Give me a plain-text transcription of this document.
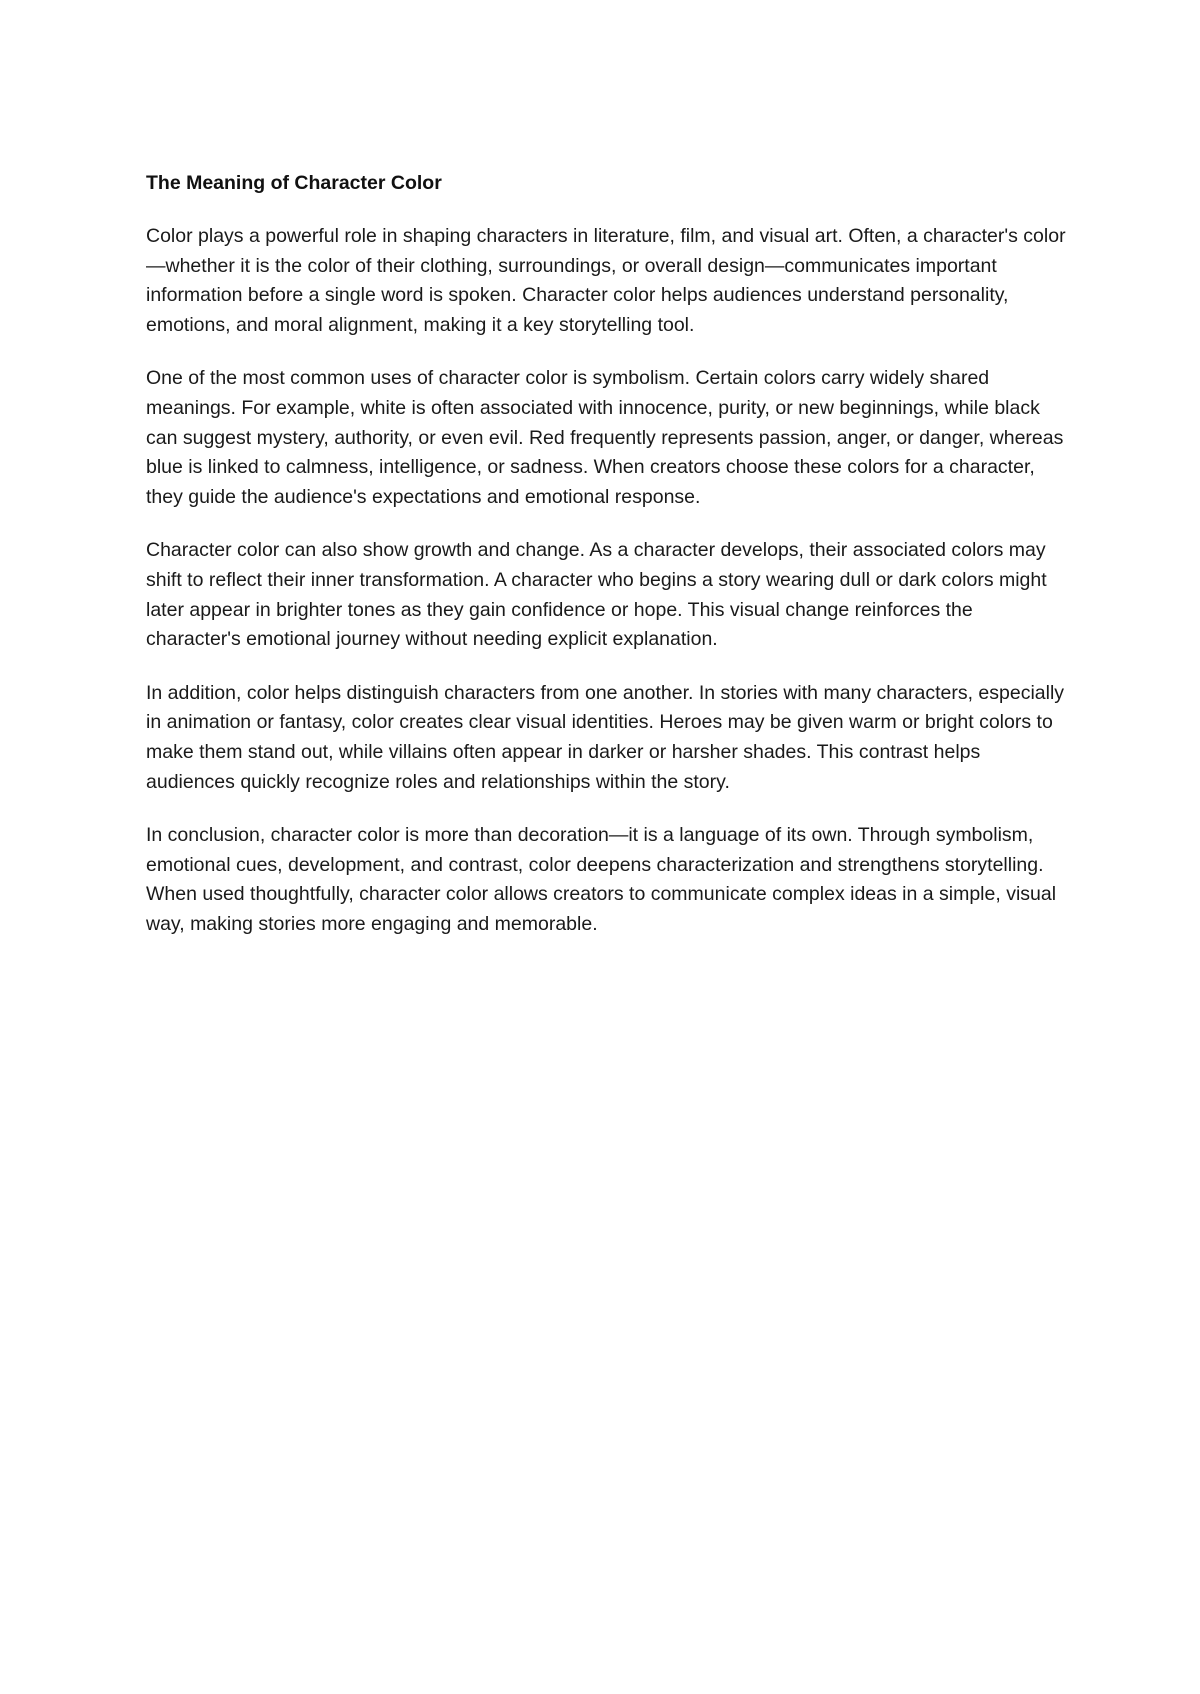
The Meaning of Character Color

Color plays a powerful role in shaping characters in literature, film, and visual art. Often, a character's color—whether it is the color of their clothing, surroundings, or overall design—communicates important information before a single word is spoken. Character color helps audiences understand personality, emotions, and moral alignment, making it a key storytelling tool.

One of the most common uses of character color is symbolism. Certain colors carry widely shared meanings. For example, white is often associated with innocence, purity, or new beginnings, while black can suggest mystery, authority, or even evil. Red frequently represents passion, anger, or danger, whereas blue is linked to calmness, intelligence, or sadness. When creators choose these colors for a character, they guide the audience's expectations and emotional response.

Character color can also show growth and change. As a character develops, their associated colors may shift to reflect their inner transformation. A character who begins a story wearing dull or dark colors might later appear in brighter tones as they gain confidence or hope. This visual change reinforces the character's emotional journey without needing explicit explanation.

In addition, color helps distinguish characters from one another. In stories with many characters, especially in animation or fantasy, color creates clear visual identities. Heroes may be given warm or bright colors to make them stand out, while villains often appear in darker or harsher shades. This contrast helps audiences quickly recognize roles and relationships within the story.

In conclusion, character color is more than decoration—it is a language of its own. Through symbolism, emotional cues, development, and contrast, color deepens characterization and strengthens storytelling. When used thoughtfully, character color allows creators to communicate complex ideas in a simple, visual way, making stories more engaging and memorable.
